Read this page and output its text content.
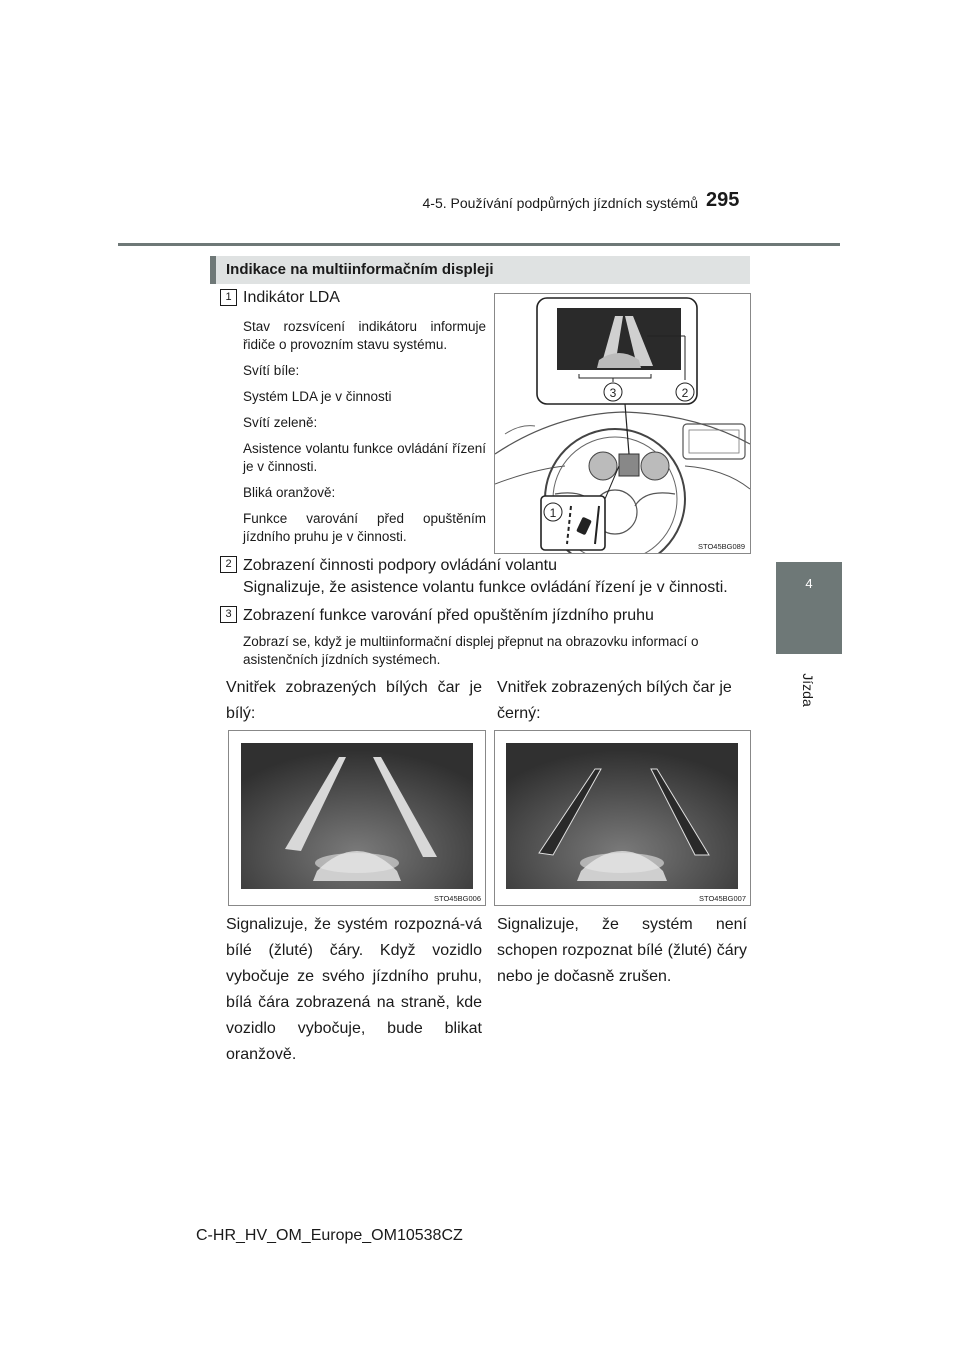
4-5. Používání podpůrných jízdních systémů 295
4
Jízda
Indikace na multiinformačním displeji
1 Indikátor LDA
Stav rozsvícení indikátoru informuje řidiče o provozním stavu systému.
Svítí bíle:
Systém LDA je v činnosti
Svítí zeleně:
Asistence volantu funkce ovládání řízení je v činnosti.
Bliká oranžově:
Funkce varování před opuštěním jízdního pruhu je v činnosti.
3	2
1
STO45BG089
2 Zobrazení činnosti podpory ovládání volantu
Signalizuje, že asistence volantu funkce ovládání řízení je v činnosti.
3 Zobrazení funkce varování před opuštěním jízdního pruhu
Zobrazí se, když je multiinformační displej přepnut na obrazovku informací o asistenčních jízdních systémech.
Vnitřek zobrazených bílých čar je bílý:
Vnitřek zobrazených bílých čar je černý:
STO45BG006	STO45BG007
Signalizuje, že systém rozpozná-vá bílé (žluté) čáry. Když vozidlo vybočuje ze svého jízdního pruhu, bílá čára zobrazená na straně, kde vozidlo vybočuje, bude blikat oranžově.
Signalizuje, že systém není schopen rozpoznat bílé (žluté) čáry nebo je dočasně zrušen.
C-HR_HV_OM_Europe_OM10538CZ
